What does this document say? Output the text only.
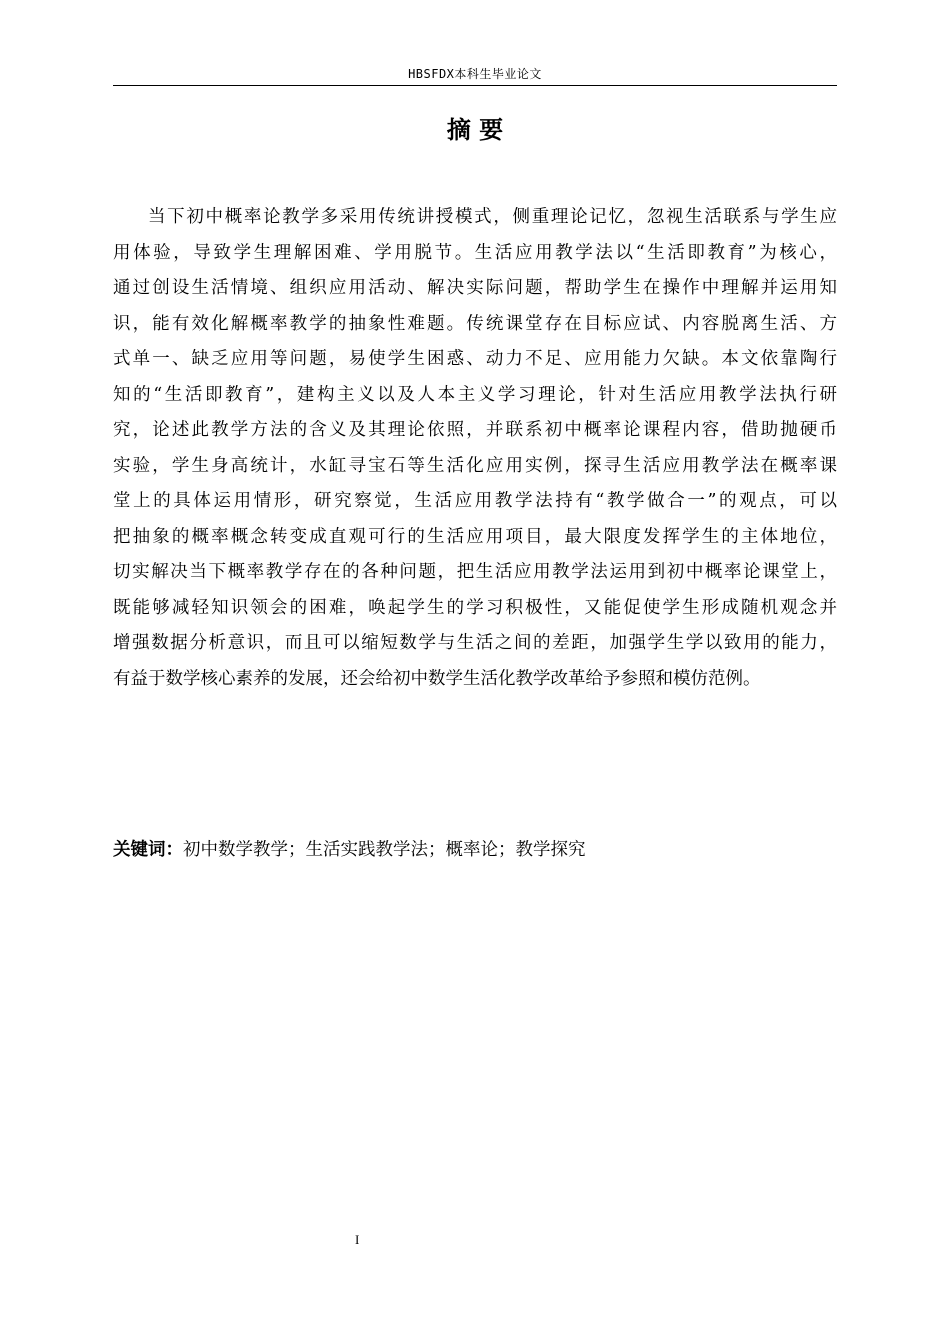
HBSFDX本科生毕业论文
摘 要
当下初中概率论教学多采用传统讲授模式，侧重理论记忆，忽视生活联系与学生应
用体验，导致学生理解困难、学用脱节。生活应用教学法以“生活即教育”为核心，
通过创设生活情境、组织应用活动、解决实际问题，帮助学生在操作中理解并运用知
识，能有效化解概率教学的抽象性难题。传统课堂存在目标应试、内容脱离生活、方
式单一、缺乏应用等问题，易使学生困惑、动力不足、应用能力欠缺。本文依靠陶行
知的“生活即教育”，建构主义以及人本主义学习理论，针对生活应用教学法执行研
究，论述此教学方法的含义及其理论依照，并联系初中概率论课程内容，借助抛硬币
实验，学生身高统计，水缸寻宝石等生活化应用实例，探寻生活应用教学法在概率课
堂上的具体运用情形，研究察觉，生活应用教学法持有“教学做合一”的观点，可以
把抽象的概率概念转变成直观可行的生活应用项目，最大限度发挥学生的主体地位，
切实解决当下概率教学存在的各种问题，把生活应用教学法运用到初中概率论课堂上，
既能够减轻知识领会的困难，唤起学生的学习积极性，又能促使学生形成随机观念并
增强数据分析意识，而且可以缩短数学与生活之间的差距，加强学生学以致用的能力，
有益于数学核心素养的发展，还会给初中数学生活化教学改革给予参照和模仿范例。
关键词：初中数学教学；生活实践教学法；概率论；教学探究
I
